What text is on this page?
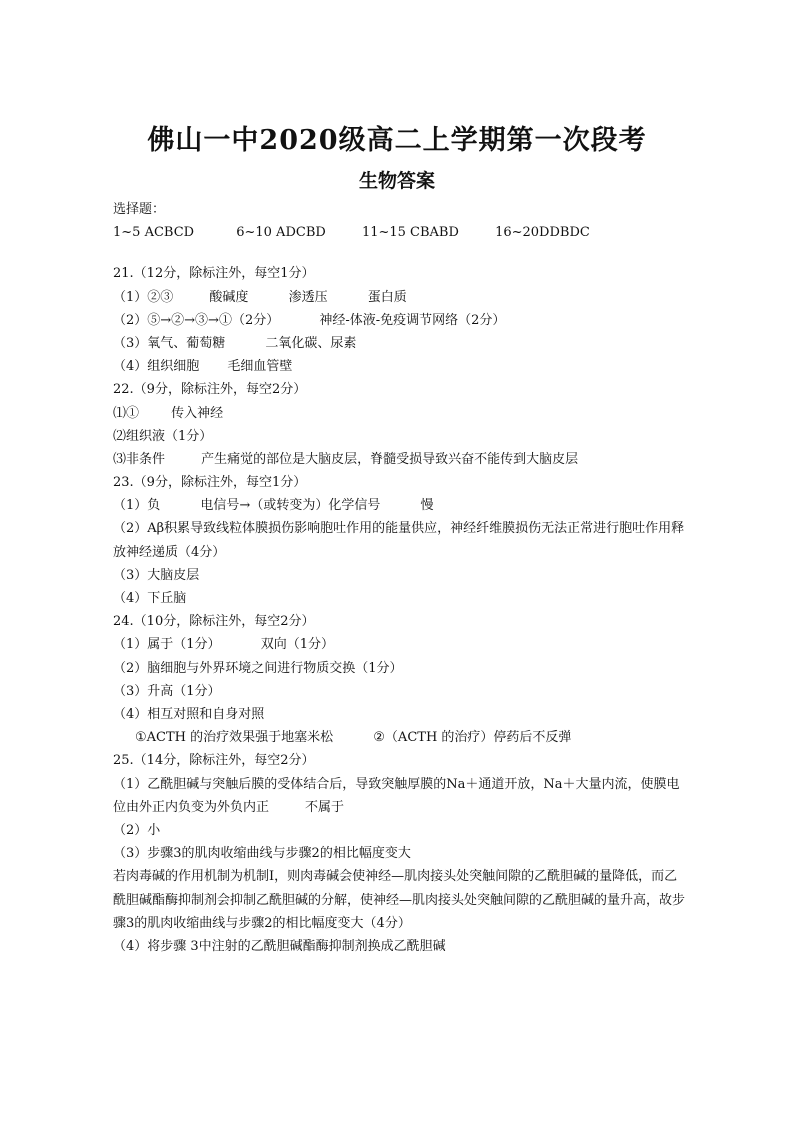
佛山一中2020级高二上学期第一次段考
生物答案
选择题：
1~5 ACBCD	6~10 ADCBD	11~15 CBABD	16~20DDBDC
21.（12分，除标注外，每空1分）
（1）②③	酸碱度	渗透压	蛋白质
（2）⑤→②→③→①（2分）	神经-体液-免疫调节网络（2分）
（3）氧气、葡萄糖	二氧化碳、尿素
（4）组织细胞 毛细血管壁
22.（9分，除标注外，每空2分）
⑴① 传入神经
⑵组织液（1分）
⑶非条件	产生痛觉的部位是大脑皮层，脊髓受损导致兴奋不能传到大脑皮层
23.（9分，除标注外，每空1分）
（1）负	电信号→（或转变为）化学信号	慢
（2）Aβ积累导致线粒体膜损伤影响胞吐作用的能量供应，神经纤维膜损伤无法正常进行胞吐作用释放神经递质（4分）
（3）大脑皮层
（4）下丘脑
24.（10分，除标注外，每空2分）
（1）属于（1分）	双向（1分）
（2）脑细胞与外界环境之间进行物质交换（1分）
（3）升高（1分）
（4）相互对照和自身对照
①ACTH 的治疗效果强于地塞米松	②（ACTH 的治疗）停药后不反弹
25.（14分，除标注外，每空2分）
（1）乙酰胆碱与突触后膜的受体结合后，导致突触厚膜的Na＋通道开放，Na＋大量内流，使膜电位由外正内负变为外负内正	不属于
（2）小
（3）步骤3的肌肉收缩曲线与步骤2的相比幅度变大
若肉毒碱的作用机制为机制Ⅰ，则肉毒碱会使神经—肌肉接头处突触间隙的乙酰胆碱的量降低，而乙酰胆碱酯酶抑制剂会抑制乙酰胆碱的分解，使神经—肌肉接头处突触间隙的乙酰胆碱的量升高，故步骤3的肌肉收缩曲线与步骤2的相比幅度变大（4分）
（4）将步骤 3中注射的乙酰胆碱酯酶抑制剂换成乙酰胆碱
